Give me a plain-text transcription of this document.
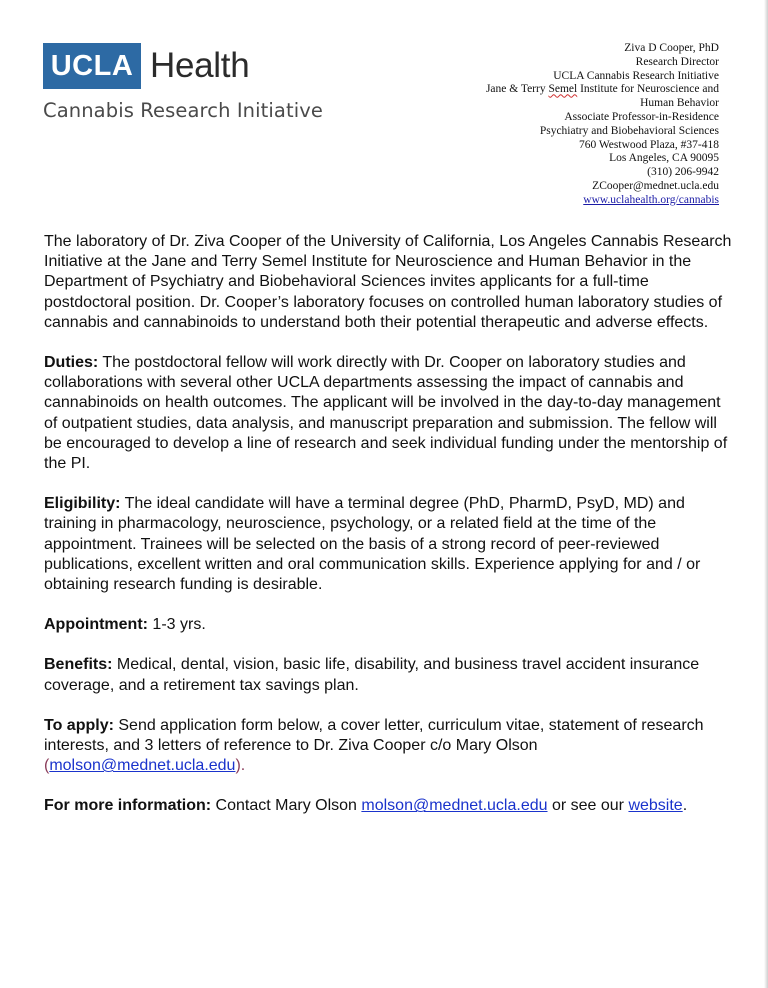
UCLA Health
Cannabis Research Initiative
Ziva D Cooper, PhD
Research Director
UCLA Cannabis Research Initiative
Jane & Terry Semel Institute for Neuroscience and
Human Behavior
Associate Professor-in-Residence
Psychiatry and Biobehavioral Sciences
760 Westwood Plaza, #37-418
Los Angeles, CA 90095
(310) 206-9942
ZCooper@mednet.ucla.edu
www.uclahealth.org/cannabis

The laboratory of Dr. Ziva Cooper of the University of California, Los Angeles Cannabis Research Initiative at the Jane and Terry Semel Institute for Neuroscience and Human Behavior in the Department of Psychiatry and Biobehavioral Sciences invites applicants for a full-time postdoctoral position. Dr. Cooper’s laboratory focuses on controlled human laboratory studies of cannabis and cannabinoids to understand both their potential therapeutic and adverse effects.

Duties: The postdoctoral fellow will work directly with Dr. Cooper on laboratory studies and collaborations with several other UCLA departments assessing the impact of cannabis and cannabinoids on health outcomes. The applicant will be involved in the day-to-day management of outpatient studies, data analysis, and manuscript preparation and submission. The fellow will be encouraged to develop a line of research and seek individual funding under the mentorship of the PI.

Eligibility: The ideal candidate will have a terminal degree (PhD, PharmD, PsyD, MD) and training in pharmacology, neuroscience, psychology, or a related field at the time of the appointment. Trainees will be selected on the basis of a strong record of peer-reviewed publications, excellent written and oral communication skills. Experience applying for and / or obtaining research funding is desirable.

Appointment: 1-3 yrs.

Benefits: Medical, dental, vision, basic life, disability, and business travel accident insurance coverage, and a retirement tax savings plan.

To apply: Send application form below, a cover letter, curriculum vitae, statement of research interests, and 3 letters of reference to Dr. Ziva Cooper c/o Mary Olson (molson@mednet.ucla.edu).

For more information: Contact Mary Olson molson@mednet.ucla.edu or see our website.
